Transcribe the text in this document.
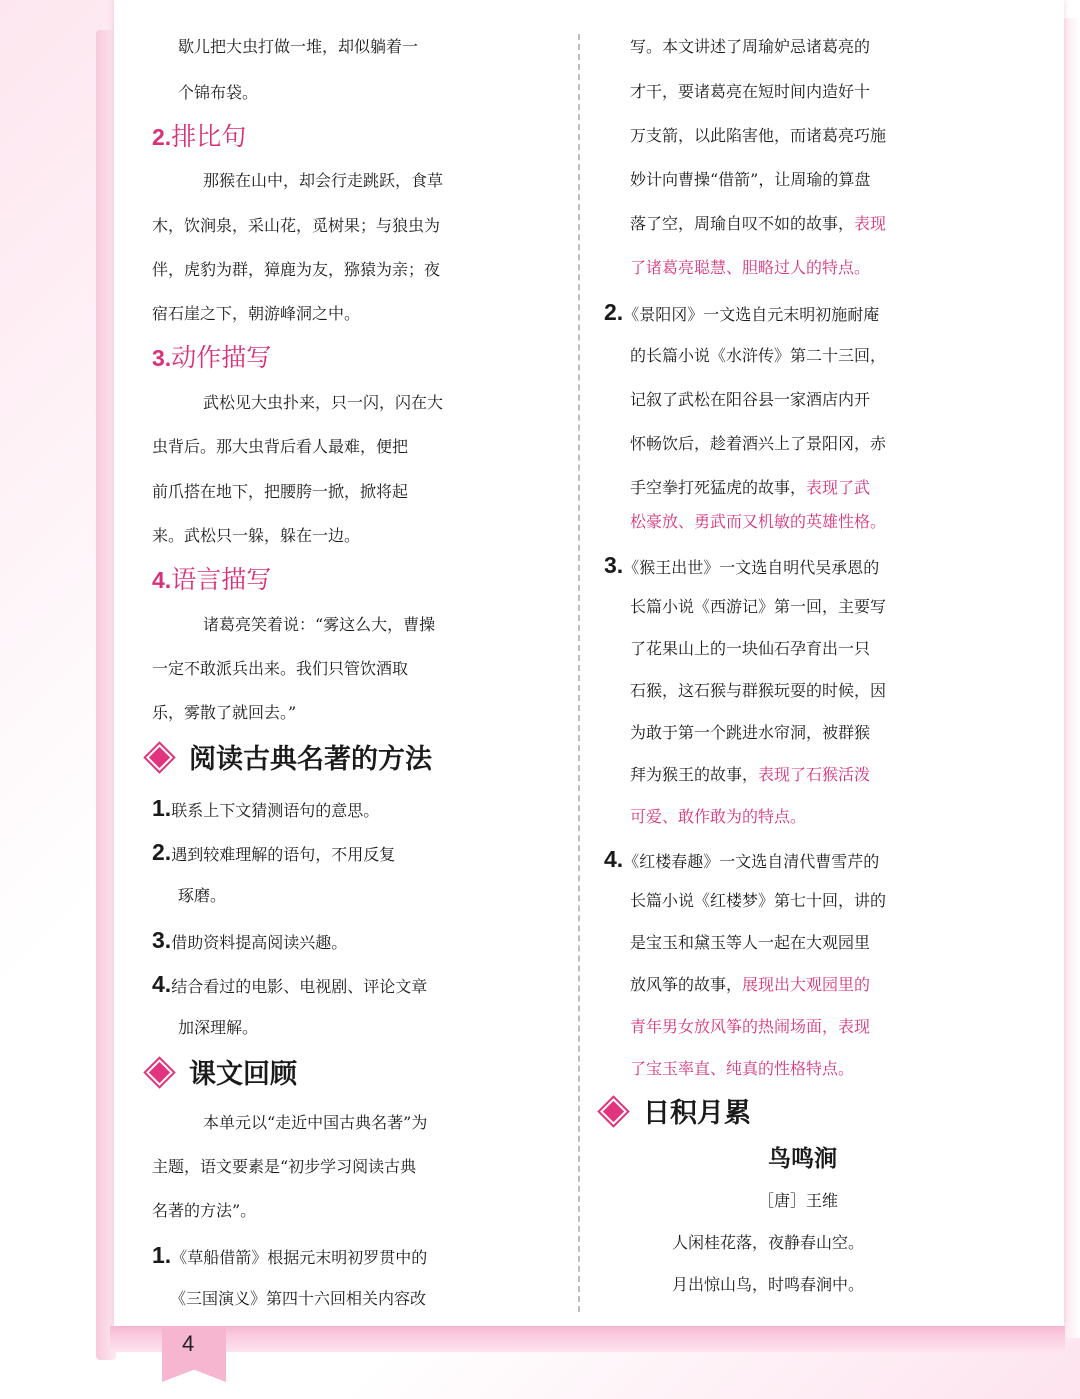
4
歇儿把大虫打做一堆，却似躺着一
个锦布袋。
2.排比句
那猴在山中，却会行走跳跃，食草
木，饮涧泉，采山花，觅树果；与狼虫为
伴，虎豹为群，獐鹿为友，猕猿为亲；夜
宿石崖之下，朝游峰洞之中。
3.动作描写
武松见大虫扑来，只一闪，闪在大
虫背后。那大虫背后看人最难，便把
前爪搭在地下，把腰胯一掀，掀将起
来。武松只一躲，躲在一边。
4.语言描写
诸葛亮笑着说：“雾这么大，曹操
一定不敢派兵出来。我们只管饮酒取
乐，雾散了就回去。”
阅读古典名著的方法
1.联系上下文猜测语句的意思。
2.遇到较难理解的语句，不用反复
琢磨。
3.借助资料提高阅读兴趣。
4.结合看过的电影、电视剧、评论文章
加深理解。
课文回顾
本单元以“走近中国古典名著”为
主题，语文要素是“初步学习阅读古典
名著的方法”。
1.《草船借箭》根据元末明初罗贯中的
《三国演义》第四十六回相关内容改
写。本文讲述了周瑜妒忌诸葛亮的
才干，要诸葛亮在短时间内造好十
万支箭，以此陷害他，而诸葛亮巧施
妙计向曹操“借箭”，让周瑜的算盘
落了空，周瑜自叹不如的故事，表现
了诸葛亮聪慧、胆略过人的特点。
2.《景阳冈》一文选自元末明初施耐庵
的长篇小说《水浒传》第二十三回，
记叙了武松在阳谷县一家酒店内开
怀畅饮后，趁着酒兴上了景阳冈，赤
手空拳打死猛虎的故事，表现了武
松豪放、勇武而又机敏的英雄性格。
3.《猴王出世》一文选自明代吴承恩的
长篇小说《西游记》第一回，主要写
了花果山上的一块仙石孕育出一只
石猴，这石猴与群猴玩耍的时候，因
为敢于第一个跳进水帘洞，被群猴
拜为猴王的故事，表现了石猴活泼
可爱、敢作敢为的特点。
4.《红楼春趣》一文选自清代曹雪芹的
长篇小说《红楼梦》第七十回，讲的
是宝玉和黛玉等人一起在大观园里
放风筝的故事，展现出大观园里的
青年男女放风筝的热闹场面，表现
了宝玉率直、纯真的性格特点。
日积月累
鸟鸣涧
［唐］王维
人闲桂花落，夜静春山空。
月出惊山鸟，时鸣春涧中。
